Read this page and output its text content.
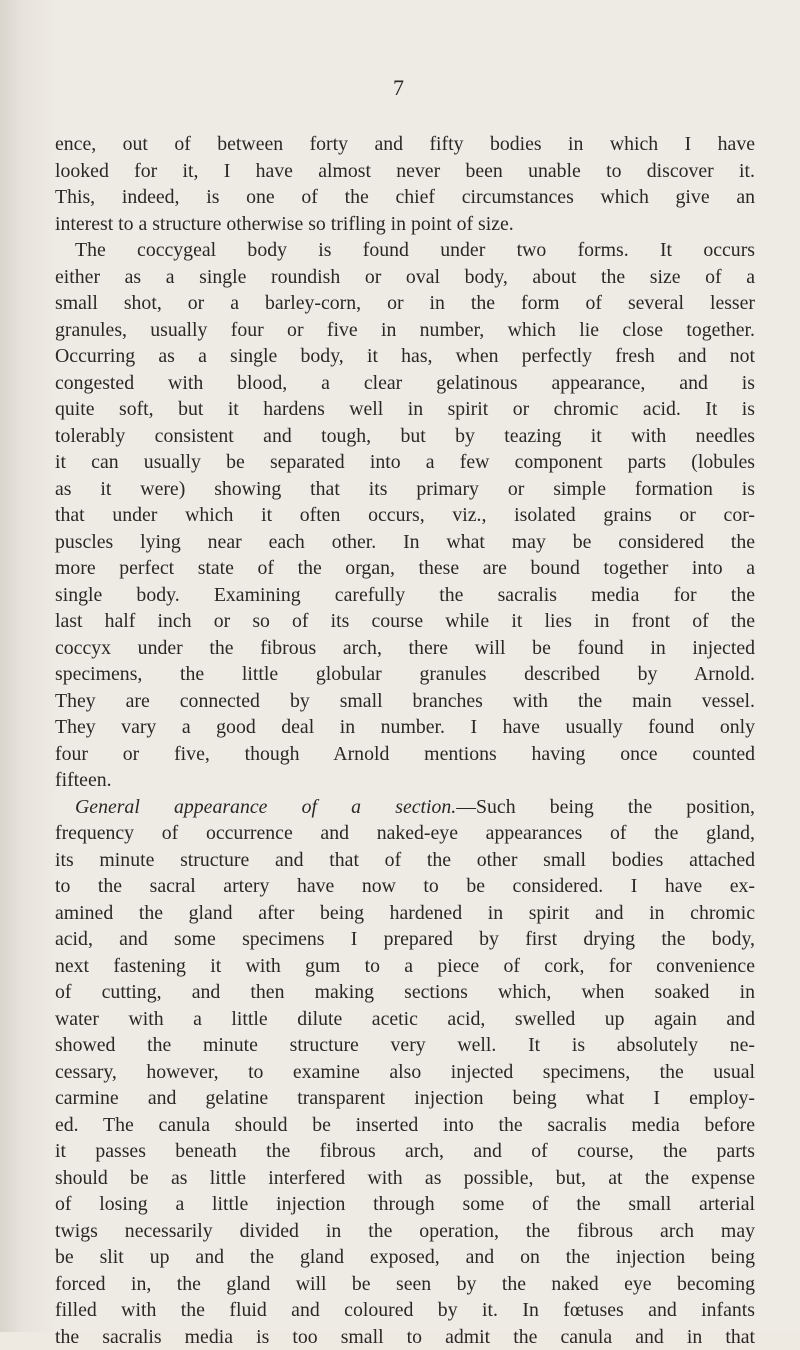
7
ence, out of between forty and fifty bodies in which I have
looked for it, I have almost never been unable to discover it.
This, indeed, is one of the chief circumstances which give an
interest to a structure otherwise so trifling in point of size.
The coccygeal body is found under two forms. It occurs
either as a single roundish or oval body, about the size of a
small shot, or a barley-corn, or in the form of several lesser
granules, usually four or five in number, which lie close together.
Occurring as a single body, it has, when perfectly fresh and not
congested with blood, a clear gelatinous appearance, and is
quite soft, but it hardens well in spirit or chromic acid. It is
tolerably consistent and tough, but by teazing it with needles
it can usually be separated into a few component parts (lobules
as it were) showing that its primary or simple formation is
that under which it often occurs, viz., isolated grains or cor-
puscles lying near each other. In what may be considered the
more perfect state of the organ, these are bound together into a
single body. Examining carefully the sacralis media for the
last half inch or so of its course while it lies in front of the
coccyx under the fibrous arch, there will be found in injected
specimens, the little globular granules described by Arnold.
They are connected by small branches with the main vessel.
They vary a good deal in number. I have usually found only
four or five, though Arnold mentions having once counted
fifteen.
General appearance of a section.—Such being the position,
frequency of occurrence and naked-eye appearances of the gland,
its minute structure and that of the other small bodies attached
to the sacral artery have now to be considered. I have ex-
amined the gland after being hardened in spirit and in chromic
acid, and some specimens I prepared by first drying the body,
next fastening it with gum to a piece of cork, for convenience
of cutting, and then making sections which, when soaked in
water with a little dilute acetic acid, swelled up again and
showed the minute structure very well. It is absolutely ne-
cessary, however, to examine also injected specimens, the usual
carmine and gelatine transparent injection being what I employ-
ed. The canula should be inserted into the sacralis media before
it passes beneath the fibrous arch, and of course, the parts
should be as little interfered with as possible, but, at the expense
of losing a little injection through some of the small arterial
twigs necessarily divided in the operation, the fibrous arch may
be slit up and the gland exposed, and on the injection being
forced in, the gland will be seen by the naked eye becoming
filled with the fluid and coloured by it. In fœtuses and infants
the sacralis media is too small to admit the canula and in that
